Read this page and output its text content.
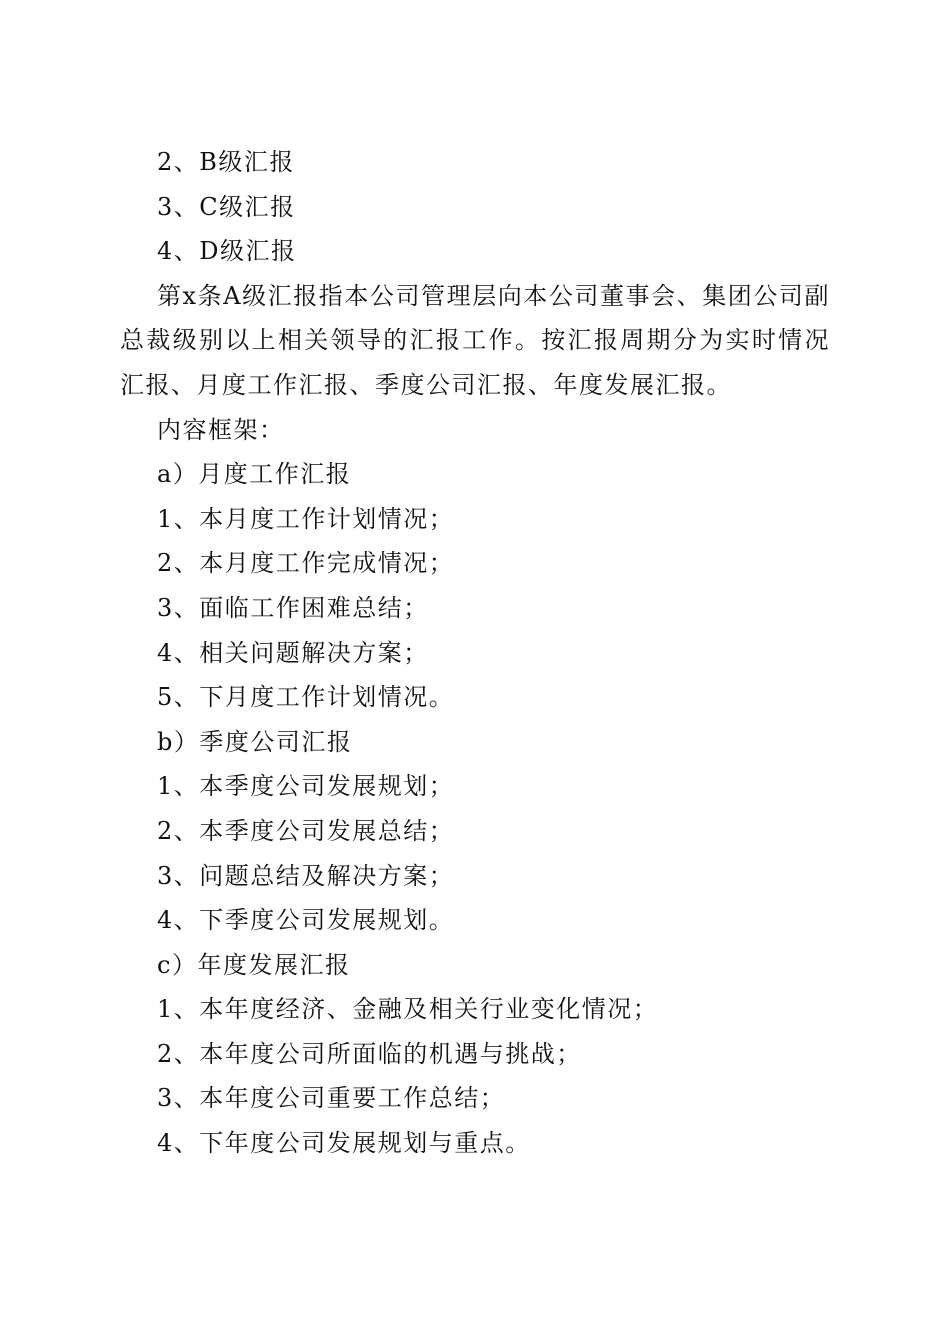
2、B级汇报

3、C级汇报

4、D级汇报

第x条A级汇报指本公司管理层向本公司董事会、集团公司副总裁级别以上相关领导的汇报工作。按汇报周期分为实时情况汇报、月度工作汇报、季度公司汇报、年度发展汇报。

内容框架：

a）月度工作汇报

1、本月度工作计划情况；

2、本月度工作完成情况；

3、面临工作困难总结；

4、相关问题解决方案；

5、下月度工作计划情况。

b）季度公司汇报

1、本季度公司发展规划；

2、本季度公司发展总结；

3、问题总结及解决方案；

4、下季度公司发展规划。

c）年度发展汇报

1、本年度经济、金融及相关行业变化情况；

2、本年度公司所面临的机遇与挑战；

3、本年度公司重要工作总结；

4、下年度公司发展规划与重点。
